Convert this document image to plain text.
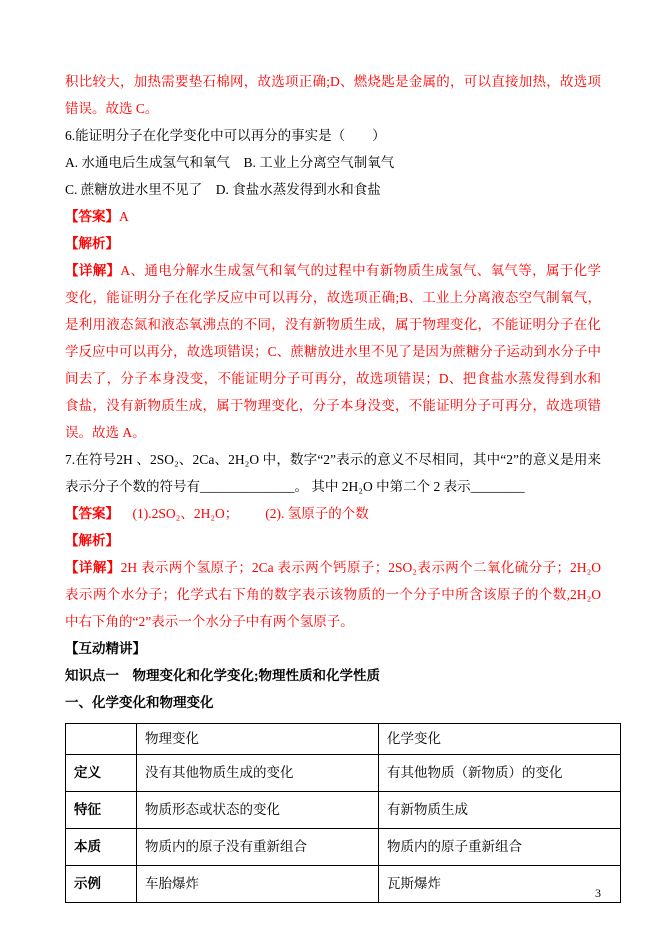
积比较大，加热需要垫石棉网，故选项正确;D、燃烧匙是金属的，可以直接加热，故选项错误。故选 C。

6.能证明分子在化学变化中可以再分的事实是（        ）

A. 水通电后生成氢气和氧气    B. 工业上分离空气制氧气

C. 蔗糖放进水里不见了    D. 食盐水蒸发得到水和食盐

【答案】A

【解析】

【详解】A、通电分解水生成氢气和氧气的过程中有新物质生成氢气、氧气等，属于化学变化，能证明分子在化学反应中可以再分，故选项正确;B、工业上分离液态空气制氧气，是利用液态氮和液态氧沸点的不同，没有新物质生成，属于物理变化，不能证明分子在化学反应中可以再分，故选项错误；C、蔗糖放进水里不见了是因为蔗糖分子运动到水分子中间去了，分子本身没变，不能证明分子可再分，故选项错误；D、把食盐水蒸发得到水和食盐，没有新物质生成，属于物理变化，分子本身没变，不能证明分子可再分，故选项错误。故选 A。

7.在符号2H 、2SO₂、2Ca、2H₂O 中，数字“2”表示的意义不尽相同，其中“2”的意义是用来表示分子个数的符号有______________。 其中 2H₂O 中第二个 2 表示________

【答案】    (1).2SO₂、2H₂O；        (2). 氢原子的个数

【解析】

【详解】2H 表示两个氢原子；2Ca 表示两个钙原子；2SO₂表示两个二氧化硫分子；2H₂O 表示两个水分子；化学式右下角的数字表示该物质的一个分子中所含该原子的个数,2H₂O 中右下角的“2”表示一个水分子中有两个氢原子。

【互动精讲】

知识点一    物理变化和化学变化;物理性质和化学性质

一、化学变化和物理变化

	物理变化	化学变化
定义	没有其他物质生成的变化	有其他物质（新物质）的变化
特征	物质形态或状态的变化	有新物质生成
本质	物质内的原子没有重新组合	物质内的原子重新组合
示例	车胎爆炸	瓦斯爆炸
3
